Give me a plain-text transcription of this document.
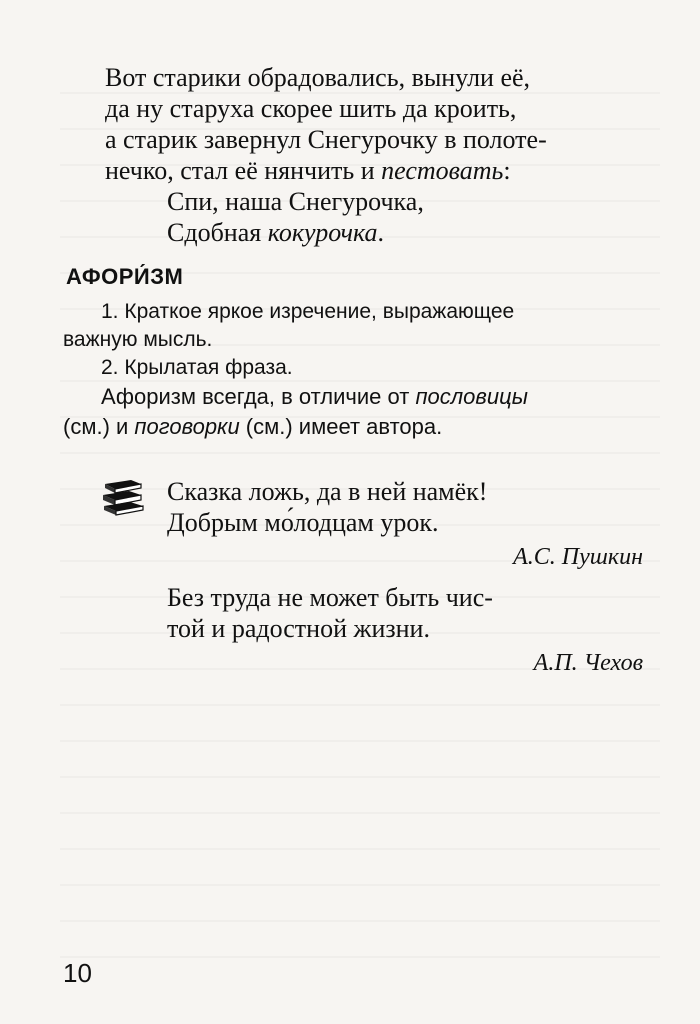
Вот старики обрадовались, вынули её,
да ну старуха скорее шить да кроить,
а старик завернул Снегурочку в полоте-
нечко, стал её нянчить и пестовать:
Спи, наша Снегурочка,
Сдобная кокурочка.
АФОРИ́ЗМ

1. Краткое яркое изречение, выражающее
важную мысль.

2. Крылатая фраза.

Афоризм всегда, в отличие от пословицы
(см.) и поговорки (см.) имеет автора.

Сказка ложь, да в ней намёк!
Добрым мо́лодцам урок.
А.С. Пушкин
Без труда не может быть чис-
той и радостной жизни.
А.П. Чехов
10
